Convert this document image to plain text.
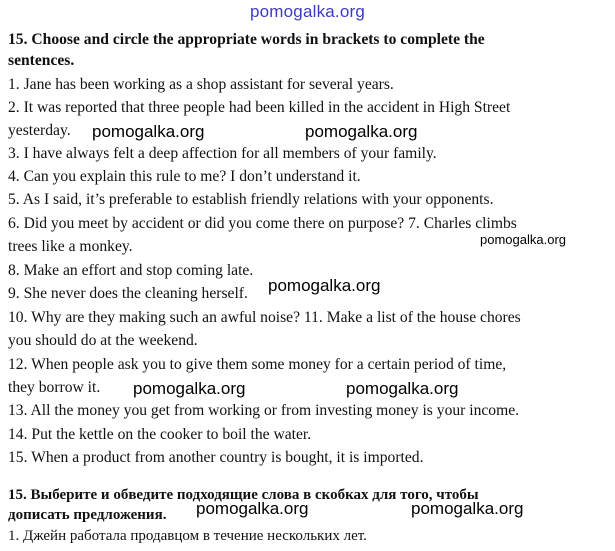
pomogalka.org
15. Choose and circle the appropriate words in brackets to complete the
sentences.
1. Jane has been working as a shop assistant for several years.
2. It was reported that three people had been killed in the accident in High Street
yesterday.
3. I have always felt a deep affection for all members of your family.
4. Can you explain this rule to me? I don’t understand it.
5. As I said, it’s preferable to establish friendly relations with your opponents.
6. Did you meet by accident or did you come there on purpose? 7. Charles climbs
trees like a monkey.
8. Make an effort and stop coming late.
9. She never does the cleaning herself.
10. Why are they making such an awful noise? 11. Make a list of the house chores
you should do at the weekend.
12. When people ask you to give them some money for a certain period of time,
they borrow it.
13. All the money you get from working or from investing money is your income.
14. Put the kettle on the cooker to boil the water.
15. When a product from another country is bought, it is imported.
15. Выберите и обведите подходящие слова в скобках для того, чтобы
дописать предложения.
1. Джейн работала продавцом в течение нескольких лет.
pomogalka.org	pomogalka.org
pomogalka.org
pomogalka.org
pomogalka.org	pomogalka.org
pomogalka.org	pomogalka.org
